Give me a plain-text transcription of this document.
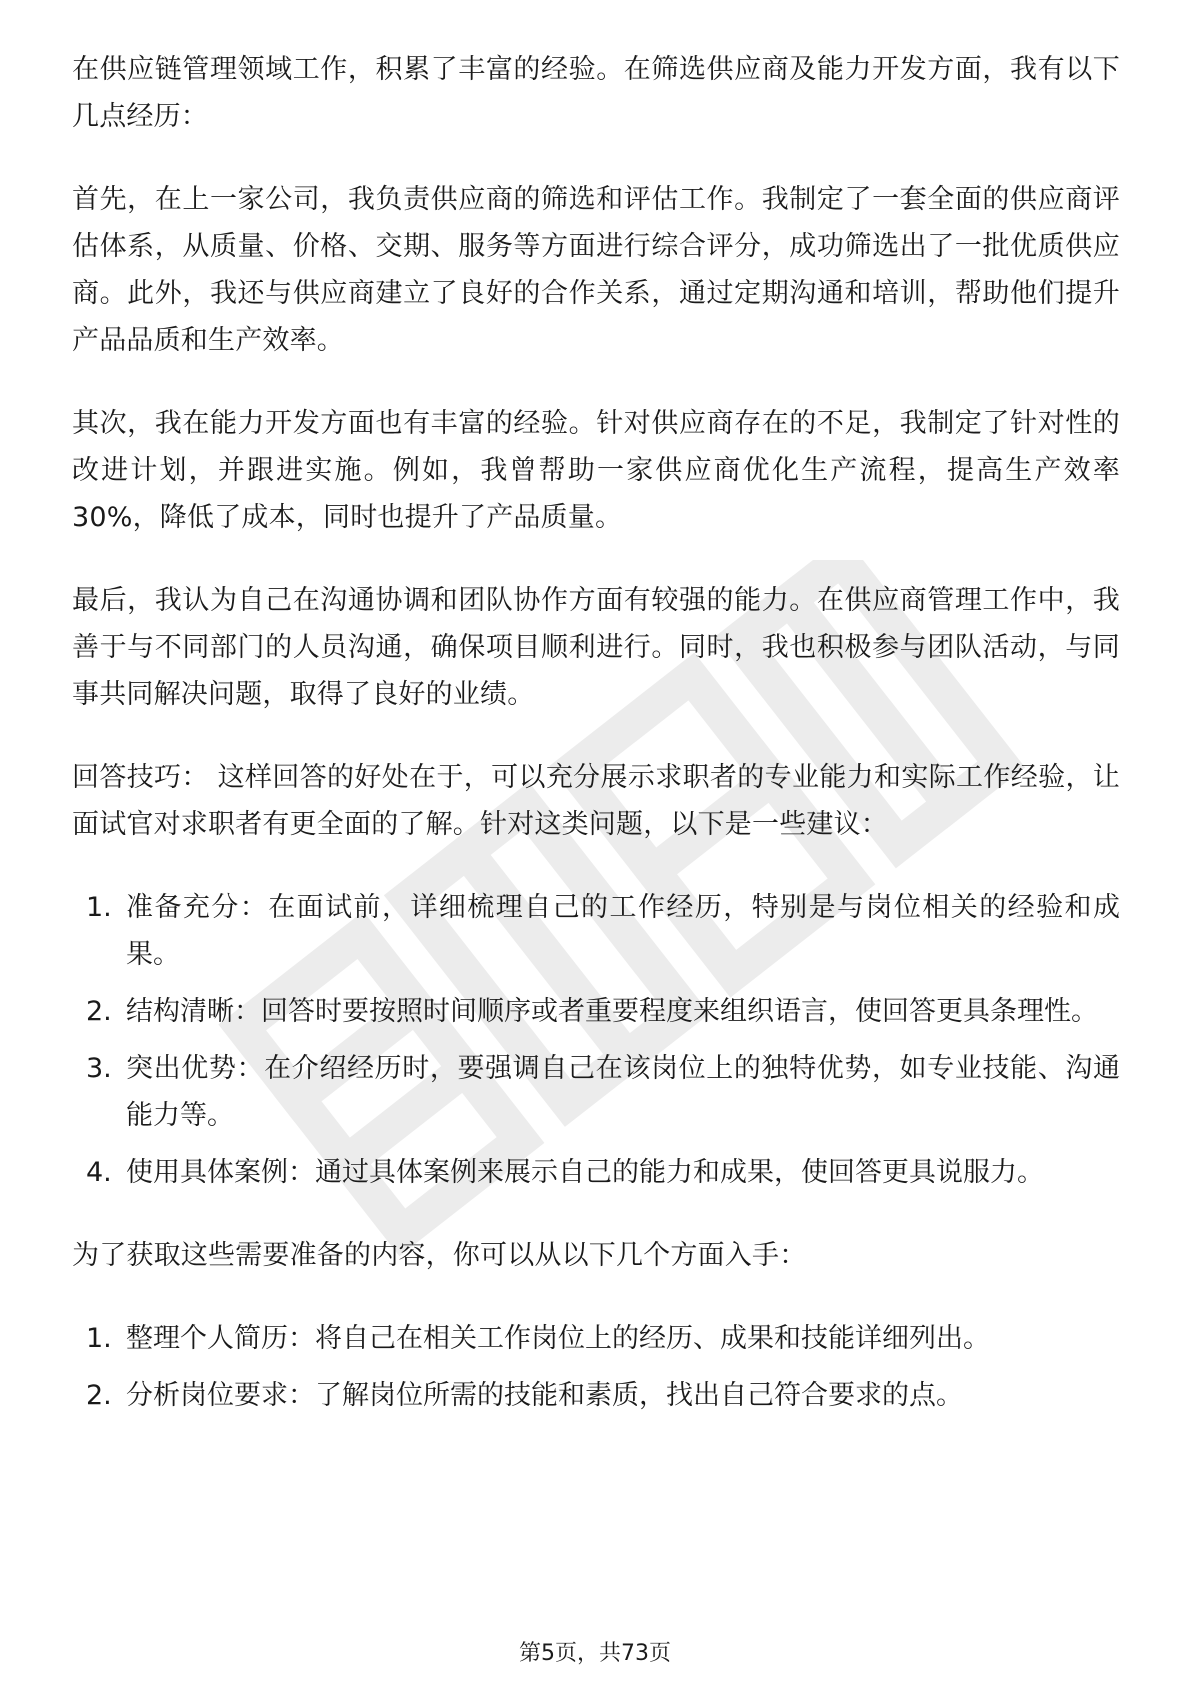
在供应链管理领域工作，积累了丰富的经验。在筛选供应商及能力开发方面，我有以下几点经历：

首先，在上一家公司，我负责供应商的筛选和评估工作。我制定了一套全面的供应商评估体系，从质量、价格、交期、服务等方面进行综合评分，成功筛选出了一批优质供应商。此外，我还与供应商建立了良好的合作关系，通过定期沟通和培训，帮助他们提升产品品质和生产效率。

其次，我在能力开发方面也有丰富的经验。针对供应商存在的不足，我制定了针对性的改进计划，并跟进实施。例如，我曾帮助一家供应商优化生产流程，提高生产效率30%，降低了成本，同时也提升了产品质量。

最后，我认为自己在沟通协调和团队协作方面有较强的能力。在供应商管理工作中，我善于与不同部门的人员沟通，确保项目顺利进行。同时，我也积极参与团队活动，与同事共同解决问题，取得了良好的业绩。

回答技巧： 这样回答的好处在于，可以充分展示求职者的专业能力和实际工作经验，让面试官对求职者有更全面的了解。针对这类问题，以下是一些建议：

1. 准备充分：在面试前，详细梳理自己的工作经历，特别是与岗位相关的经验和成果。
2. 结构清晰：回答时要按照时间顺序或者重要程度来组织语言，使回答更具条理性。
3. 突出优势：在介绍经历时，要强调自己在该岗位上的独特优势，如专业技能、沟通能力等。
4. 使用具体案例：通过具体案例来展示自己的能力和成果，使回答更具说服力。

为了获取这些需要准备的内容，你可以从以下几个方面入手：

1. 整理个人简历：将自己在相关工作岗位上的经历、成果和技能详细列出。
2. 分析岗位要求：了解岗位所需的技能和素质，找出自己符合要求的点。
第5页，共73页
